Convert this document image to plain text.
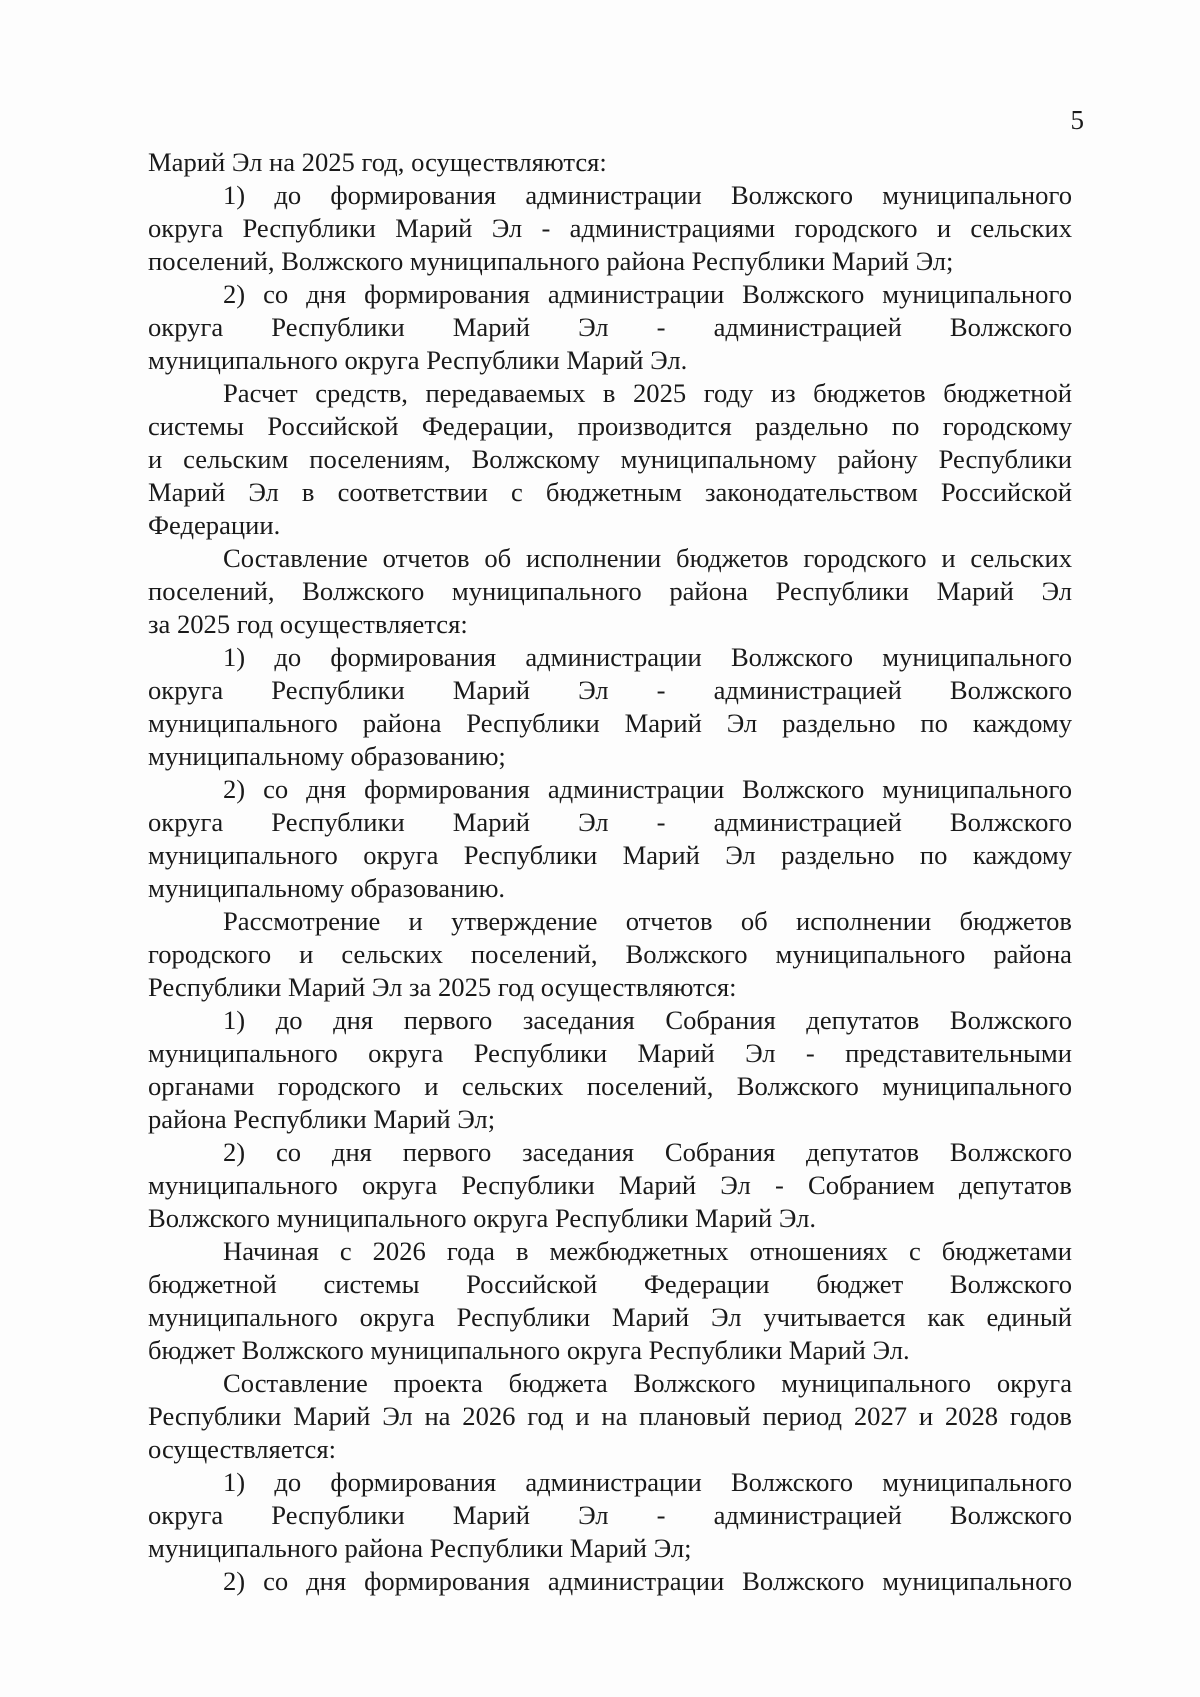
5
Марий Эл на 2025 год, осуществляются:
1) до формирования администрации Волжского муниципального
округа Республики Марий Эл - администрациями городского и сельских
поселений, Волжского муниципального района Республики Марий Эл;
2) со дня формирования администрации Волжского муниципального
округа Республики Марий Эл - администрацией Волжского
муниципального округа Республики Марий Эл.
Расчет средств, передаваемых в 2025 году из бюджетов бюджетной
системы Российской Федерации, производится раздельно по городскому
и сельским поселениям, Волжскому муниципальному району Республики
Марий Эл в соответствии с бюджетным законодательством Российской
Федерации.
Составление отчетов об исполнении бюджетов городского и сельских
поселений, Волжского муниципального района Республики Марий Эл
за 2025 год осуществляется:
1) до формирования администрации Волжского муниципального
округа Республики Марий Эл - администрацией Волжского
муниципального района Республики Марий Эл раздельно по каждому
муниципальному образованию;
2) со дня формирования администрации Волжского муниципального
округа Республики Марий Эл - администрацией Волжского
муниципального округа Республики Марий Эл раздельно по каждому
муниципальному образованию.
Рассмотрение и утверждение отчетов об исполнении бюджетов
городского и сельских поселений, Волжского муниципального района
Республики Марий Эл за 2025 год осуществляются:
1) до дня первого заседания Собрания депутатов Волжского
муниципального округа Республики Марий Эл - представительными
органами городского и сельских поселений, Волжского муниципального
района Республики Марий Эл;
2) со дня первого заседания Собрания депутатов Волжского
муниципального округа Республики Марий Эл - Собранием депутатов
Волжского муниципального округа Республики Марий Эл.
Начиная с 2026 года в межбюджетных отношениях с бюджетами
бюджетной системы Российской Федерации бюджет Волжского
муниципального округа Республики Марий Эл учитывается как единый
бюджет Волжского муниципального округа Республики Марий Эл.
Составление проекта бюджета Волжского муниципального округа
Республики Марий Эл на 2026 год и на плановый период 2027 и 2028 годов
осуществляется:
1) до формирования администрации Волжского муниципального
округа Республики Марий Эл - администрацией Волжского
муниципального района Республики Марий Эл;
2) со дня формирования администрации Волжского муниципального
